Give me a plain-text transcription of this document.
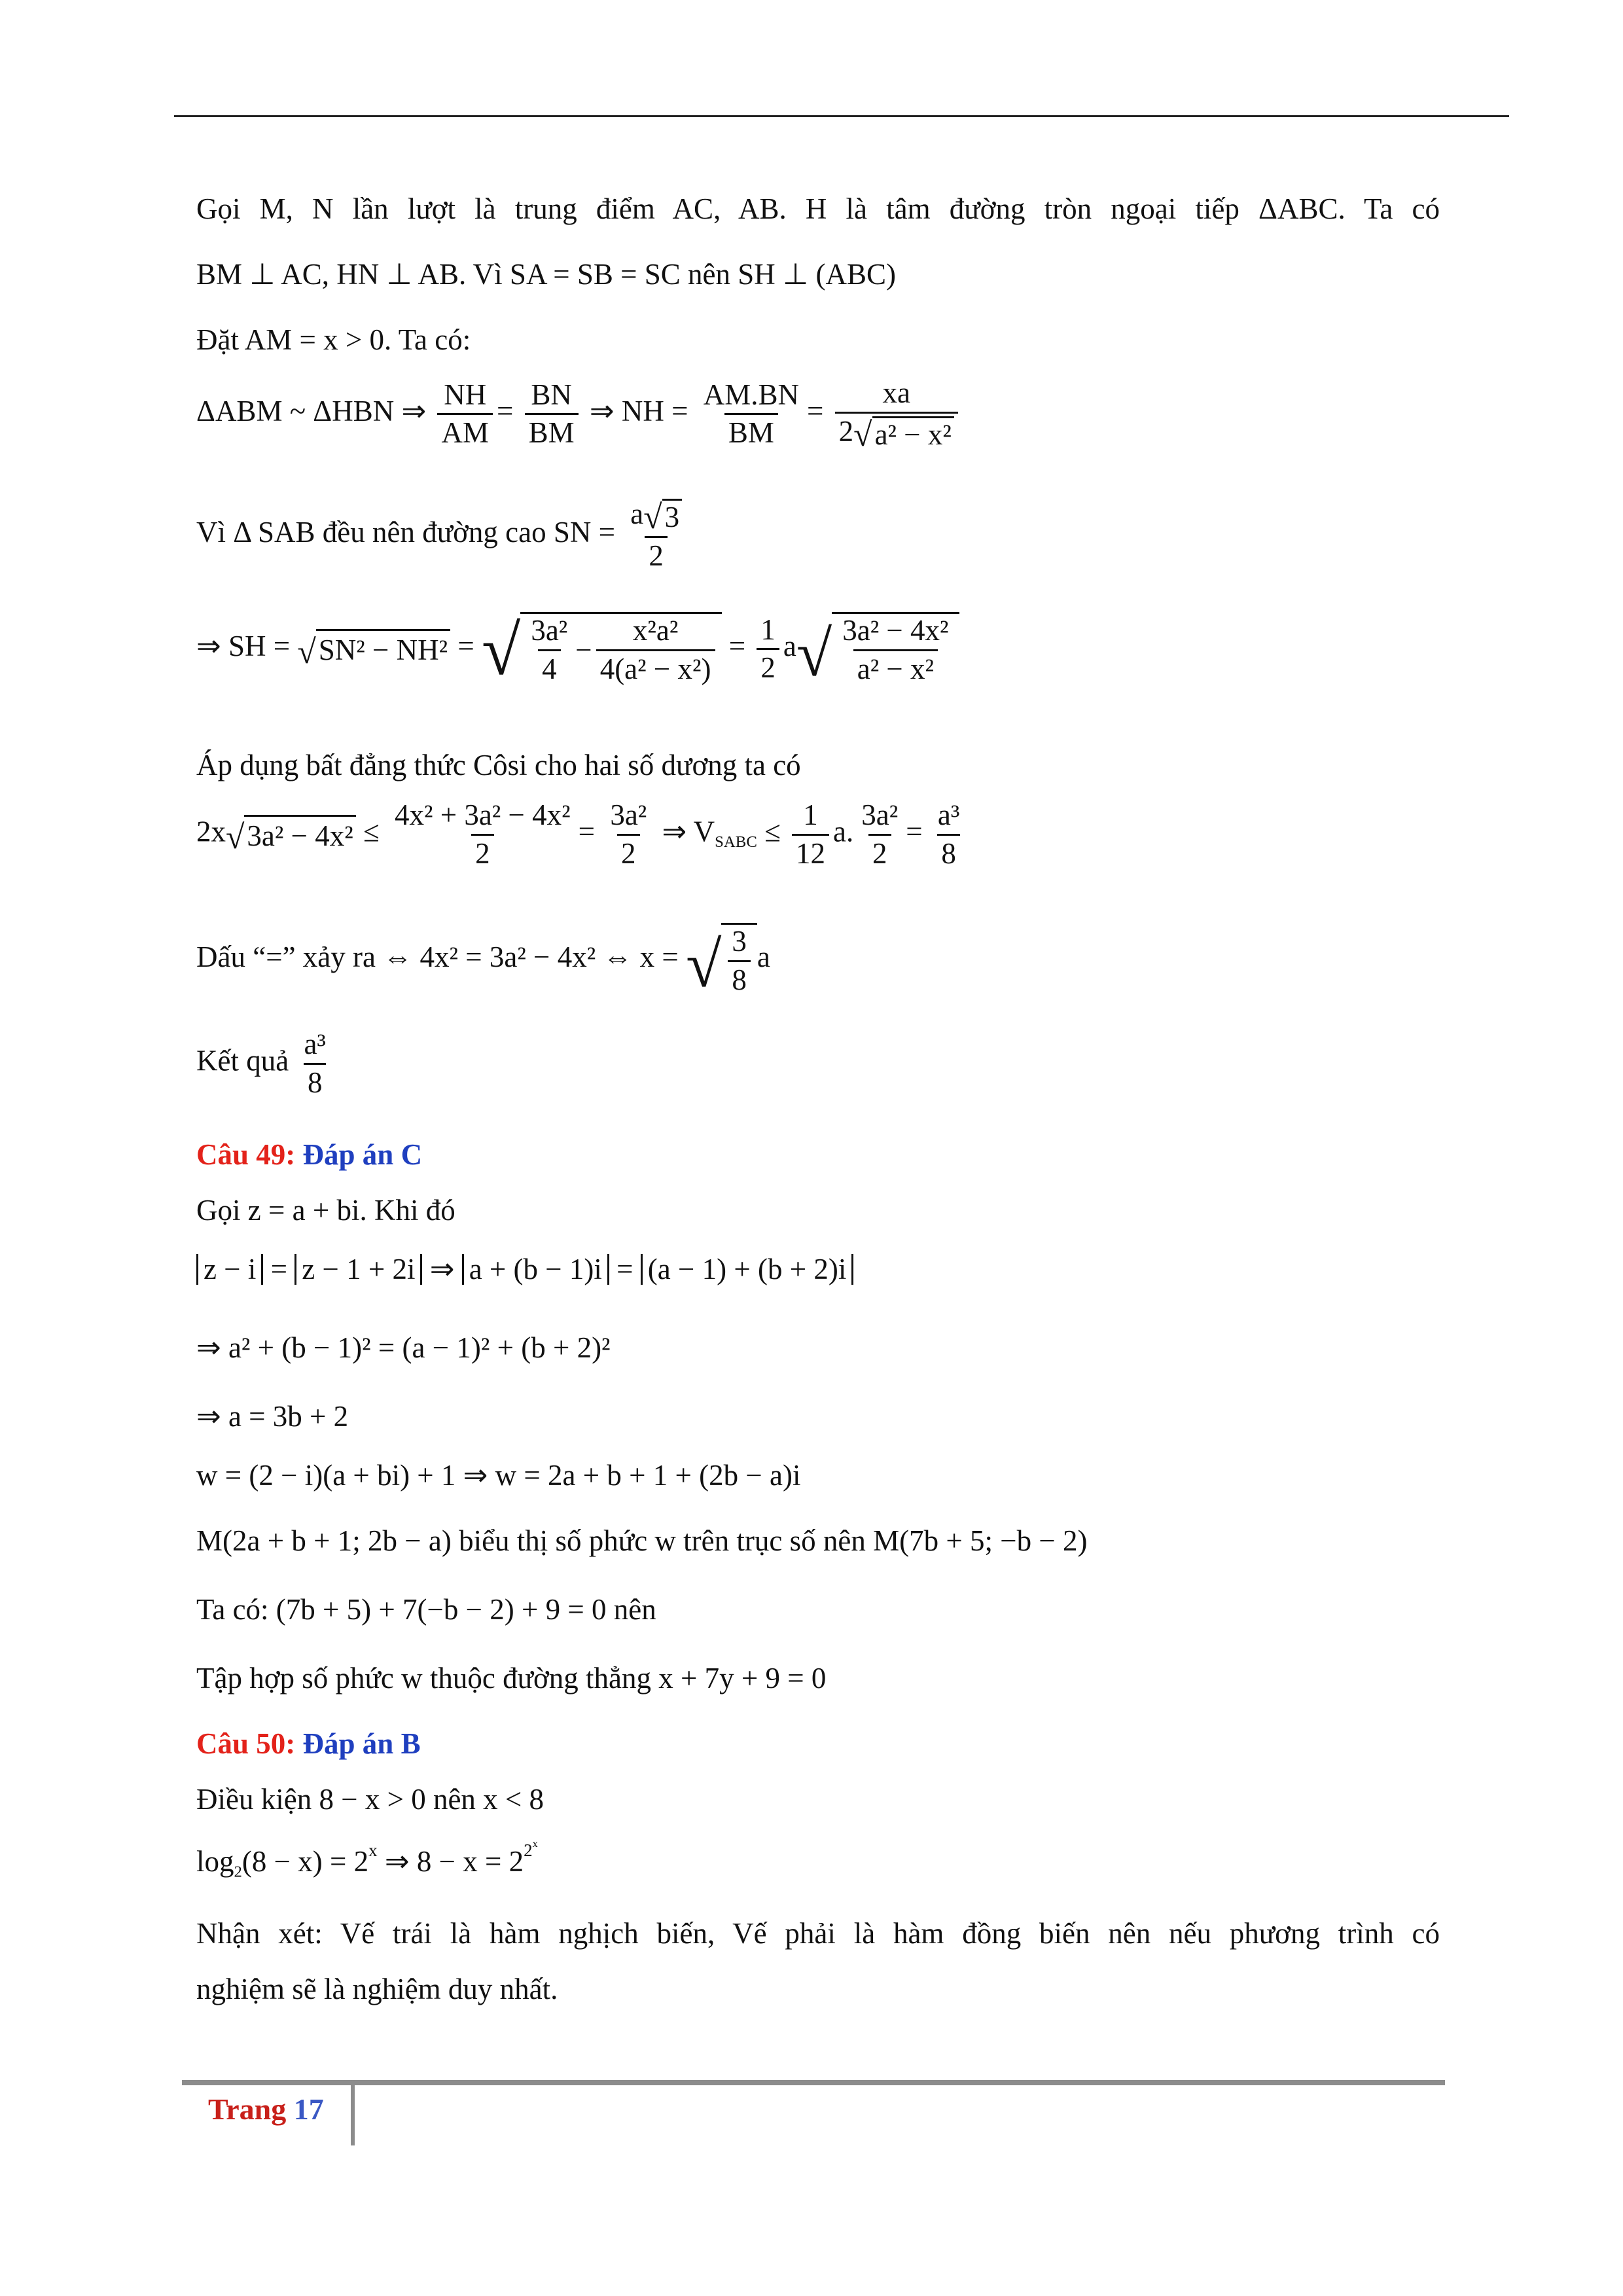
Gọi M, N lần lượt là trung điểm AC, AB. H là tâm đường tròn ngoại tiếp ΔABC. Ta có
BM ⊥ AC, HN ⊥ AB. Vì SA = SB = SC nên SH ⊥ (ABC)
Đặt AM = x > 0. Ta có:
ΔABM ~ ΔHBN ⇒ $\frac{NH}{AM} = \frac{BN}{BM}$ ⇒ NH = $\frac{AM.BN}{BM} = \frac{xa}{\text{2 √ a² − x²}}$
Vì Δ SAB đều nên đường cao SN = $\frac{a √ 3}{2}$
⇒ SH = √ SN² − NH² = √ $\frac{\text{3a²}}{4} - \frac{\text{x²a²}}{\text{4(a² − x²)}} = \frac{1}{2}$ a √ $\frac{\text{3a² − 4x²}}{\text{a² − x²}}$
Áp dụng bất đẳng thức Côsi cho hai số dương ta có
2x √ $3a^2 - 4x^2 \le \frac{\text{4x² + 3a² − 4x²}}{2} = \frac{\text{3a²}}{2}$ ⇒ $V_{SABC} \le \frac{1}{12} a$. $\frac{\text{3a²}}{2} = \frac{\text{a³}}{8}$
Dấu “=” xảy ra ⇔ 4x² = 3a² − 4x² ⇔ x = √ $\frac{3}{8}$ a
Kết quả $\frac{\text{a³}}{8}$
Câu 49: Đáp án C
Gọi z = a + bi. Khi đó
z − i = z − 1 + 2i ⇒ a + (b − 1)i = (a − 1) + (b + 2)i
⇒ a² + (b − 1)² = (a − 1)² + (b + 2)²
⇒ a = 3b + 2
w = (2 − i)(a + bi) + 1 ⇒ w = 2a + b + 1 + (2b − a)i
M(2a + b + 1; 2b − a) biểu thị số phức w trên trục số nên M(7b + 5; −b − 2)
Ta có: (7b + 5) + 7(−b − 2) + 9 = 0 nên
Tập hợp số phức w thuộc đường thẳng x + 7y + 9 = 0
Câu 50: Đáp án B
Điều kiện 8 − x > 0 nên x < 8
$\log_2(8 - x) = 2^x$ ⇒ $8 - x = 2^{2^x}$
Nhận xét: Vế trái là hàm nghịch biến, Vế phải là hàm đồng biến nên nếu phương trình có
nghiệm sẽ là nghiệm duy nhất.
Trang 17
